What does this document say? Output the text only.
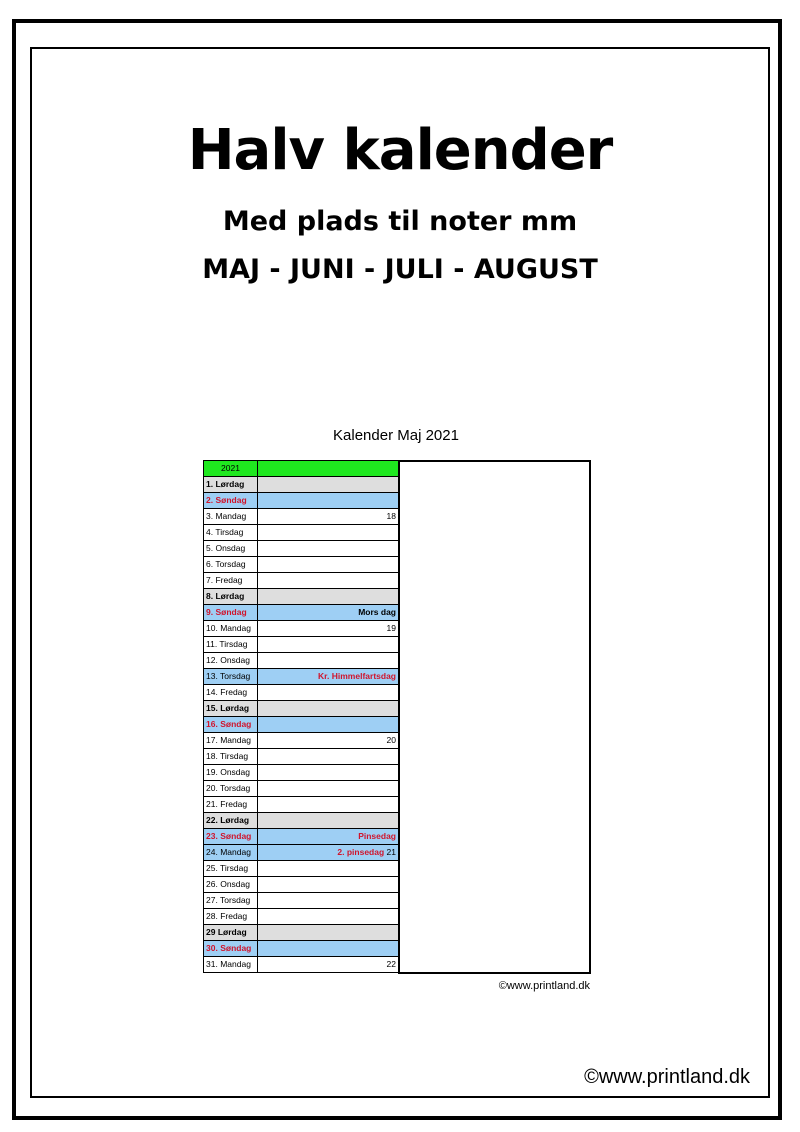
Halv kalender
Med plads til noter mm
MAJ - JUNI - JULI - AUGUST
Kalender Maj 2021
2021	
1. Lørdag	
2. Søndag	
3. Mandag	18
4. Tirsdag	
5. Onsdag	
6. Torsdag	
7. Fredag	
8. Lørdag	
9. Søndag	Mors dag
10. Mandag	19
11. Tirsdag	
12. Onsdag	
13. Torsdag	Kr. Himmelfartsdag
14. Fredag	
15. Lørdag	
16. Søndag	
17. Mandag	20
18. Tirsdag	
19. Onsdag	
20. Torsdag	
21. Fredag	
22. Lørdag	
23. Søndag	Pinsedag
24. Mandag	2. pinsedag 21
25. Tirsdag	
26. Onsdag	
27. Torsdag	
28. Fredag	
29 Lørdag	
30. Søndag	
31. Mandag	22
©www.printland.dk
©www.printland.dk
